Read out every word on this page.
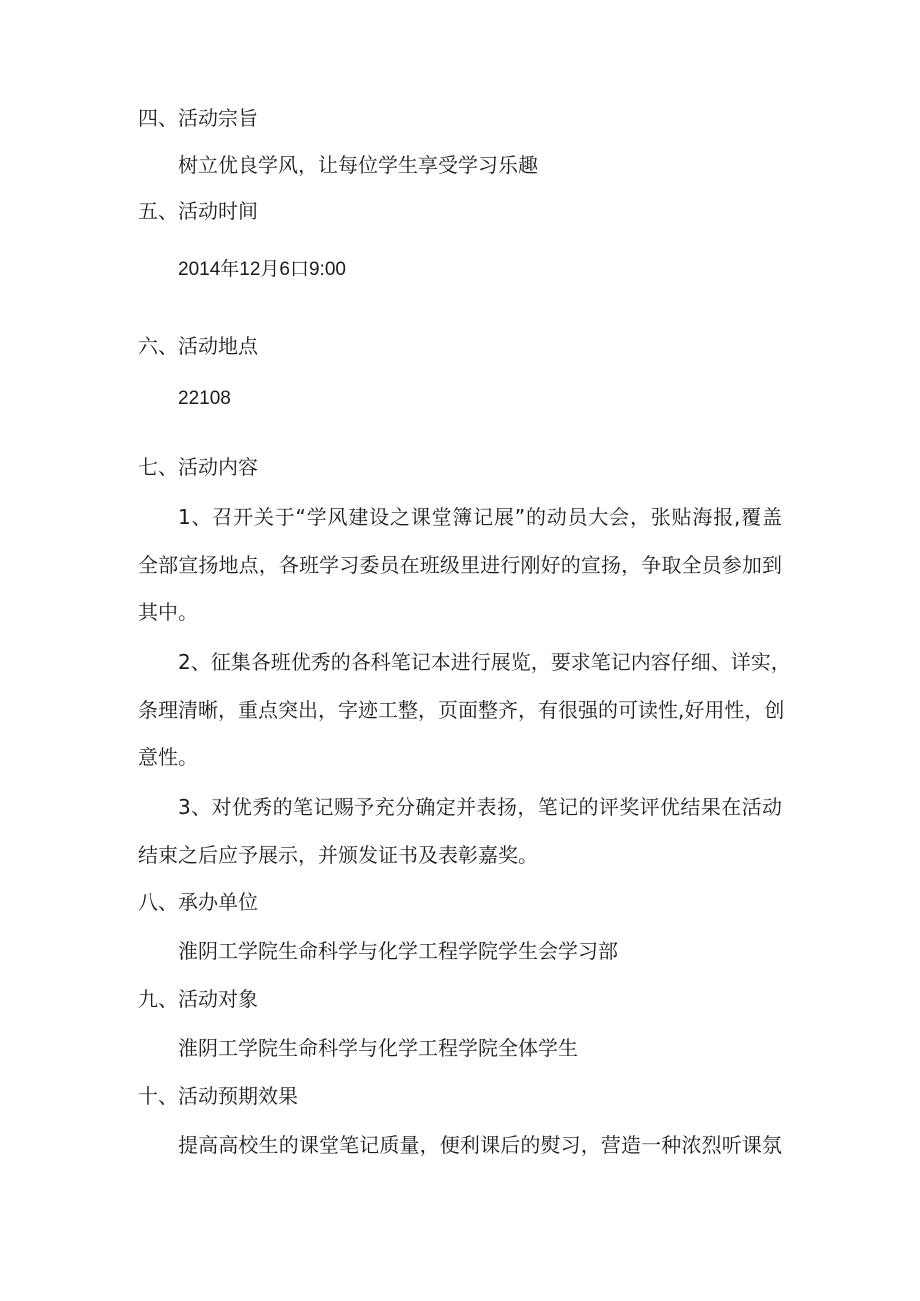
四、活动宗旨

树立优良学风，让每位学生享受学习乐趣

五、活动时间

2014年12月6口9:00

六、活动地点

22108

七、活动内容

1、召开关于“学风建设之课堂簿记展”的动员大会，张贴海报,覆盖

全部宣扬地点，各班学习委员在班级里进行刚好的宣扬，争取全员参加到

其中。

2、征集各班优秀的各科笔记本进行展览，要求笔记内容仔细、详实，

条理清晰，重点突出，字迹工整，页面整齐，有很强的可读性,好用性，创

意性。

3、对优秀的笔记赐予充分确定并表扬，笔记的评奖评优结果在活动

结束之后应予展示，并颁发证书及表彰嘉奖。

八、承办单位

淮阴工学院生命科学与化学工程学院学生会学习部

九、活动对象

淮阴工学院生命科学与化学工程学院全体学生

十、活动预期效果

提高高校生的课堂笔记质量，便利课后的熨习，营造一种浓烈听课氛
